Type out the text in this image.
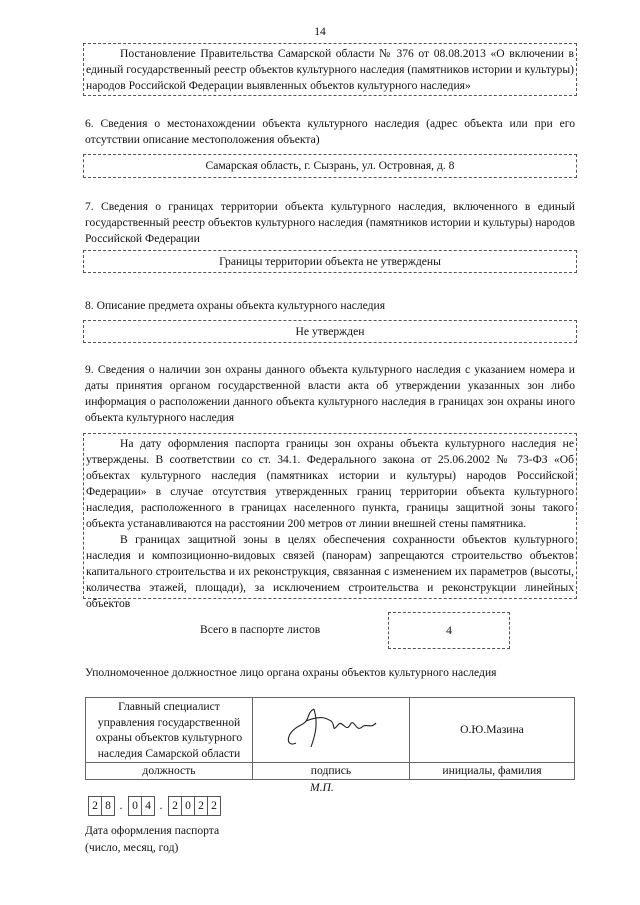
14
Постановление Правительства Самарской области № 376 от 08.08.2013 «О включении в единый государственный реестр объектов культурного наследия (памятников истории и культуры) народов Российской Федерации выявленных объектов культурного наследия»

6. Сведения о местонахождении объекта культурного наследия (адрес объекта или при его отсутствии описание местоположения объекта)

Самарская область, г. Сызрань, ул. Островная, д. 8

7. Сведения о границах территории объекта культурного наследия, включенного в единый государственный реестр объектов культурного наследия (памятников истории и культуры) народов Российской Федерации

Границы территории объекта не утверждены

8. Описание предмета охраны объекта культурного наследия

Не утвержден

9. Сведения о наличии зон охраны данного объекта культурного наследия с указанием номера и даты принятия органом государственной власти акта об утверждении указанных зон либо информация о расположении данного объекта культурного наследия в границах зон охраны иного объекта культурного наследия

На дату оформления паспорта границы зон охраны объекта культурного наследия не утверждены. В соответствии со ст. 34.1. Федерального закона от 25.06.2002 № 73-ФЗ «Об объектах культурного наследия (памятниках истории и культуры) народов Российской Федерации» в случае отсутствия утвержденных границ территории объекта культурного наследия, расположенного в границах населенного пункта, границы защитной зоны такого объекта устанавливаются на расстоянии 200 метров от линии внешней стены памятника.

В границах защитной зоны в целях обеспечения сохранности объектов культурного наследия и композиционно-видовых связей (панорам) запрещаются строительство объектов капитального строительства и их реконструкция, связанная с изменением их параметров (высоты, количества этажей, площади), за исключением строительства и реконструкции линейных объектов

Всего в паспорте листов	4
Уполномоченное должностное лицо органа охраны объектов культурного наследия
Главный специалист управления государственной охраны объектов культурного наследия Самарской области		О.Ю.Мазина
должность	подпись	инициалы, фамилия
М.П.
2 8 . 0 4 . 2 0 2 2
Дата оформления паспорта
(число, месяц, год)
